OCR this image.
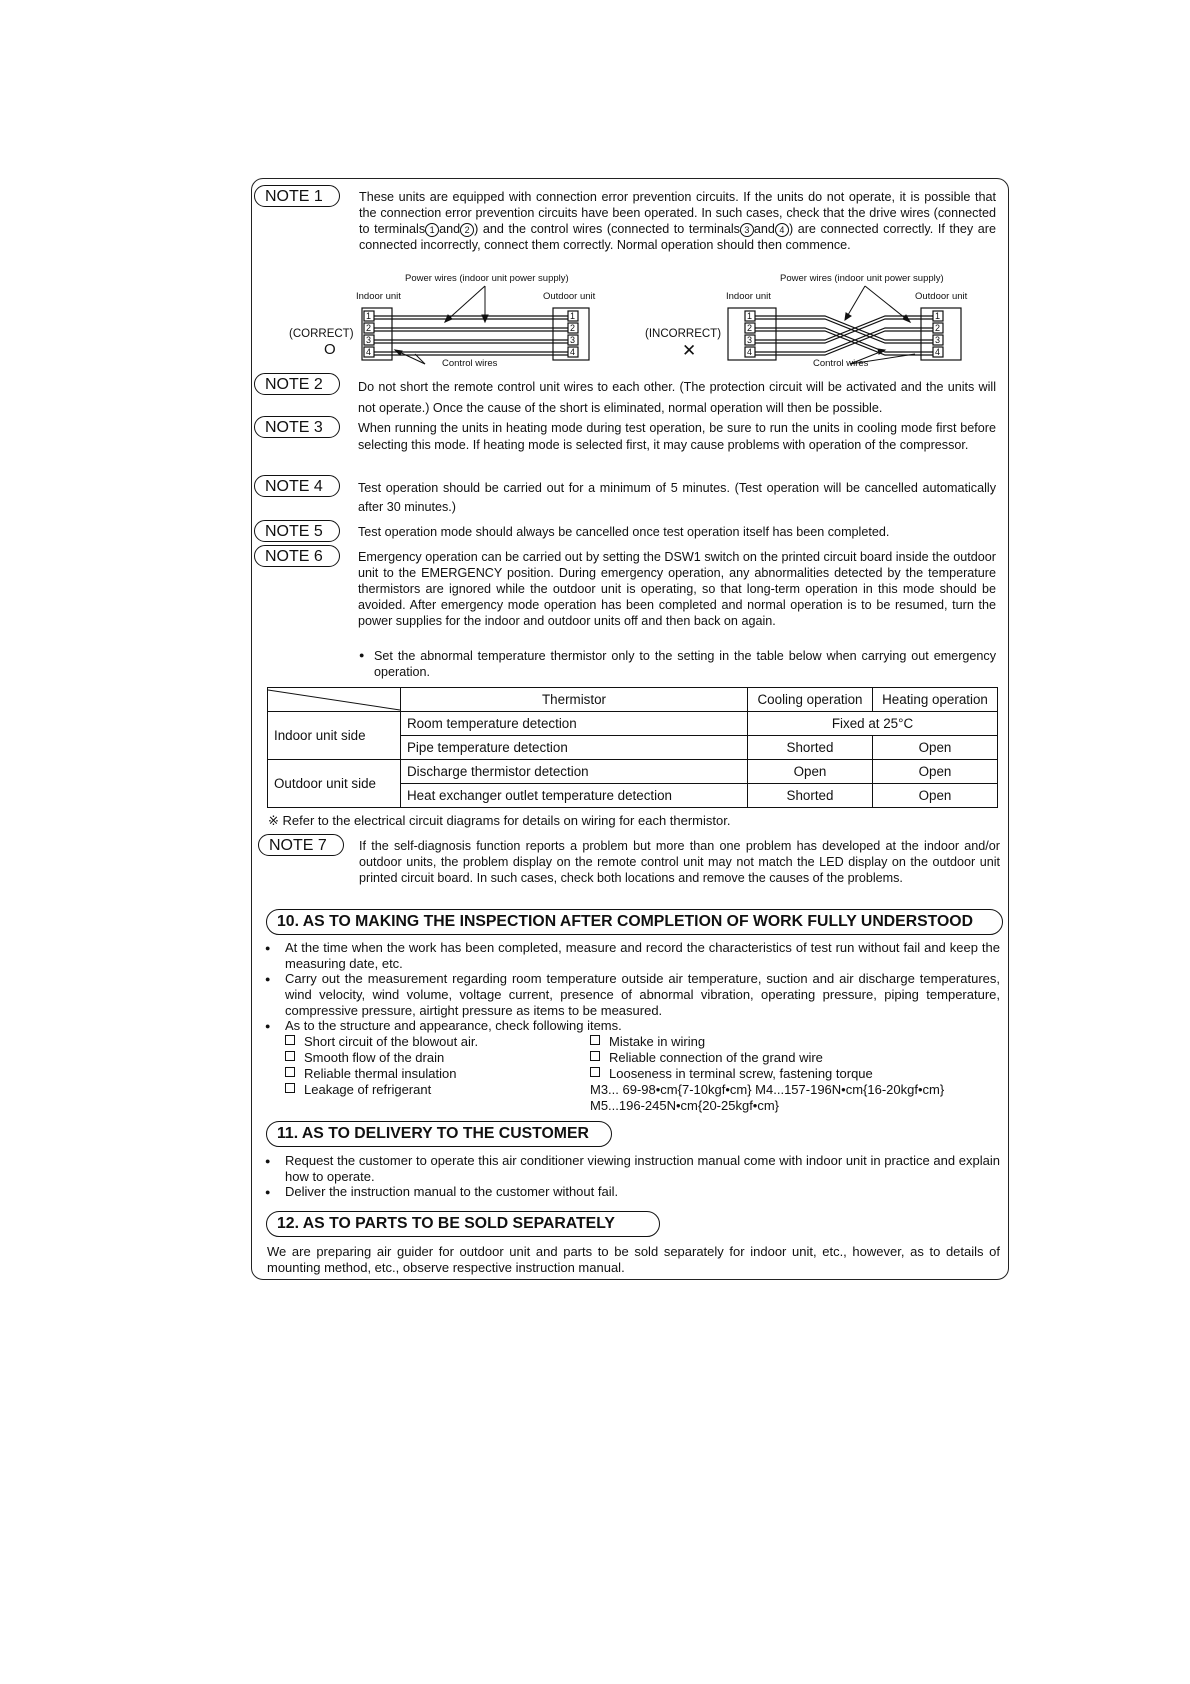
NOTE 1	These units are equipped with connection error prevention circuits. If the units do not operate, it is possible that the connection error prevention circuits have been operated. In such cases, check that the drive wires (connected to terminals 1 and 2 ) and the control wires (connected to terminals 3 and 4 ) are connected correctly. If they are connected incorrectly, connect them correctly. Normal operation should then commence.
1
2
3
4
1
2
3
4
1
2
3
4
1
2
3
4
Power wires (indoor unit power supply)
Indoor unit	Outdoor unit
Control wires
(CORRECT)
O
Power wires (indoor unit power supply)
Indoor unit	Outdoor unit
Control wires
(INCORRECT)
✕
NOTE 2	Do not short the remote control unit wires to each other. (The protection circuit will be activated and the units will not operate.) Once the cause of the short is eliminated, normal operation will then be possible.
NOTE 3	When running the units in heating mode during test operation, be sure to run the units in cooling mode first before selecting this mode. If heating mode is selected first, it may cause problems with operation of the compressor.
NOTE 4	Test operation should be carried out for a minimum of 5 minutes. (Test operation will be cancelled automatically after 30 minutes.)
NOTE 5	Test operation mode should always be cancelled once test operation itself has been completed.
NOTE 6	Emergency operation can be carried out by setting the DSW1 switch on the printed circuit board inside the outdoor unit to the EMERGENCY position. During emergency operation, any abnormalities detected by the temperature thermistors are ignored while the outdoor unit is operating, so that long-term operation in this mode should be avoided. After emergency mode operation has been completed and normal operation is to be resumed, turn the power supplies for the indoor and outdoor units off and then back on again.
Set the abnormal temperature thermistor only to the setting in the table below when carrying out emergency operation.
●
	Thermistor	Cooling operation	Heating operation
Indoor unit side	Room temperature detection	Fixed at 25°C	
	Pipe temperature detection	Shorted	Open
Outdoor unit side	Discharge thermistor detection	Open	Open
	Heat exchanger outlet temperature detection	Shorted	Open
※ Refer to the electrical circuit diagrams for details on wiring for each thermistor.
NOTE 7	If the self-diagnosis function reports a problem but more than one problem has developed at the indoor and/or outdoor units, the problem display on the remote control unit may not match the LED display on the outdoor unit printed circuit board. In such cases, check both locations and remove the causes of the problems.
10. AS TO MAKING THE INSPECTION AFTER COMPLETION OF WORK FULLY UNDERSTOOD
● At the time when the work has been completed, measure and record the characteristics of test run without fail and keep the measuring date, etc.
● Carry out the measurement regarding room temperature outside air temperature, suction and air discharge temperatures, wind velocity, wind volume, voltage current, presence of abnormal vibration, operating pressure, piping temperature, compressive pressure, airtight pressure as items to be measured.
● As to the structure and appearance, check following items.
Short circuit of the blowout air.
Smooth flow of the drain
Reliable thermal insulation
Leakage of refrigerant
Mistake in wiring
Reliable connection of the grand wire
Looseness in terminal screw, fastening torque
M3... 69-98•cm{7-10kgf•cm} M4...157-196N•cm{16-20kgf•cm}
M5...196-245N•cm{20-25kgf•cm}
11. AS TO DELIVERY TO THE CUSTOMER
● Request the customer to operate this air conditioner viewing instruction manual come with indoor unit in practice and explain how to operate.
● Deliver the instruction manual to the customer without fail.
12. AS TO PARTS TO BE SOLD SEPARATELY
We are preparing air guider for outdoor unit and parts to be sold separately for indoor unit, etc., however, as to details of mounting method, etc., observe respective instruction manual.
